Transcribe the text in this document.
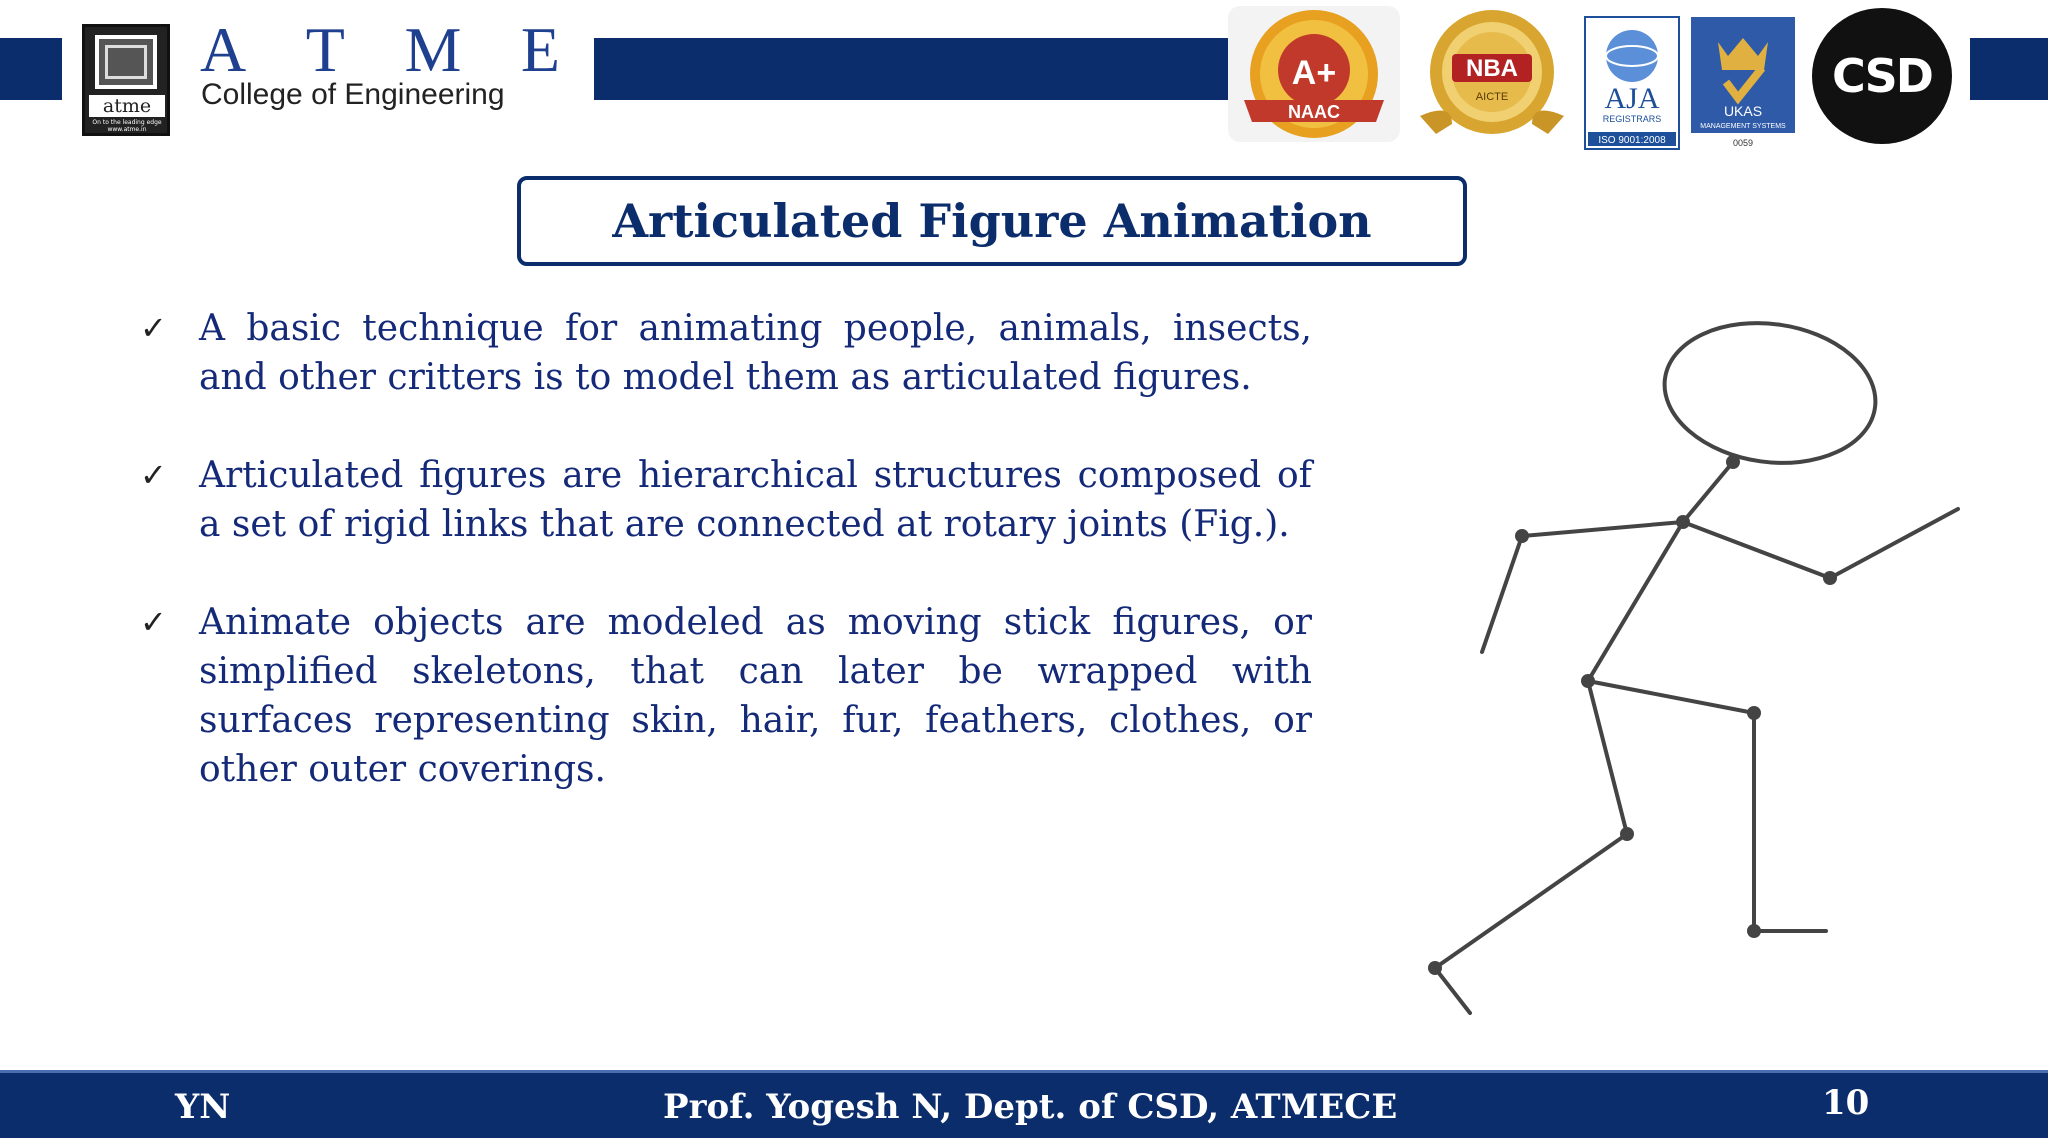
atme
On to the leading edge www.atme.in
A T M E
College of Engineering
A+
NAAC
NBA
AICTE	AJA
REGISTRARS
ISO 9001:2008
UKAS
MANAGEMENT SYSTEMS
0059
CSD
Articulated Figure Animation
✓ A basic technique for animating people, animals, insects, and other critters is to model them as articulated figures.
✓ Articulated figures are hierarchical structures composed of a set of rigid links that are connected at rotary joints (Fig.).
✓ Animate objects are modeled as moving stick figures, or simplified skeletons, that can later be wrapped with surfaces representing skin, hair, fur, feathers, clothes, or other outer coverings.
YN	Prof. Yogesh N, Dept. of CSD, ATMECE	10
